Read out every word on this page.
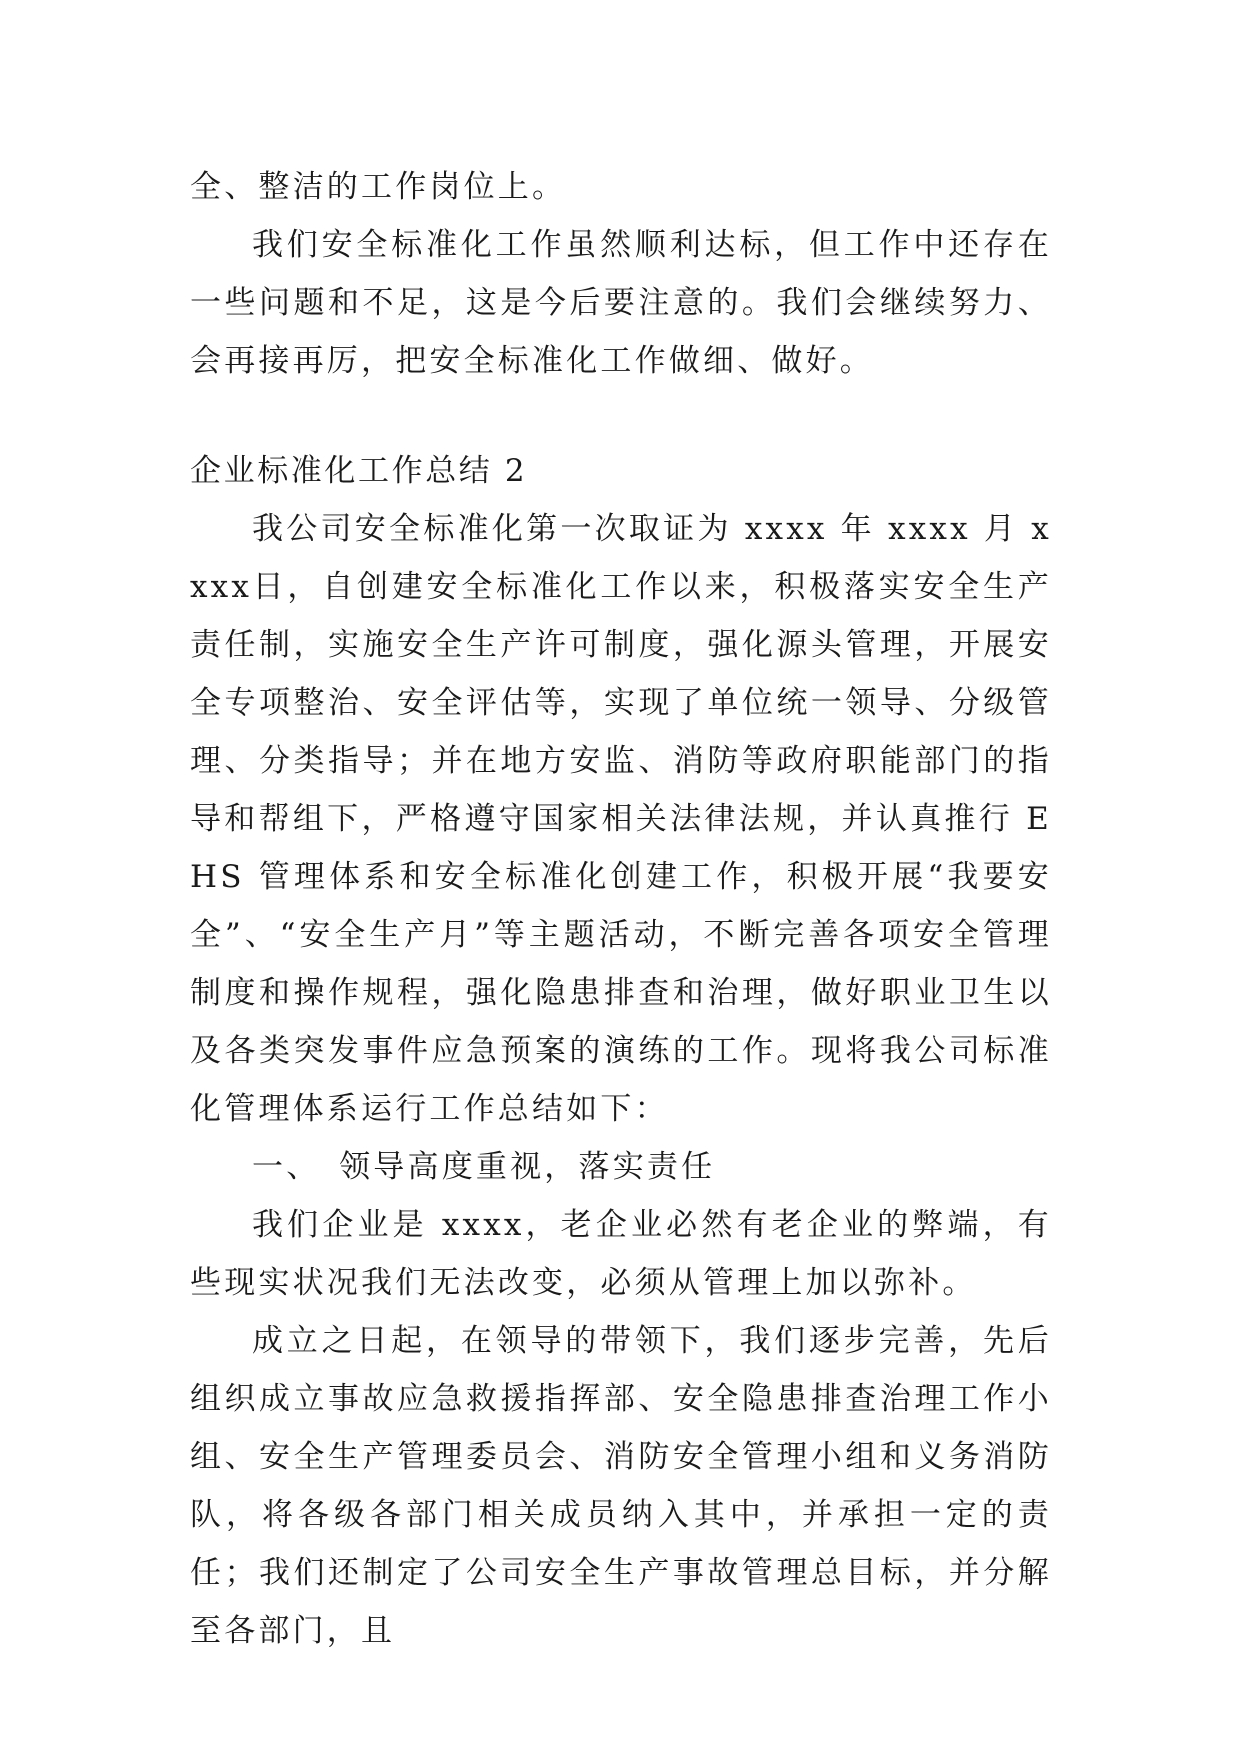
全、整洁的工作岗位上。

我们安全标准化工作虽然顺利达标，但工作中还存在一些问题和不足，这是今后要注意的。我们会继续努力、会再接再厉，把安全标准化工作做细、做好。

企业标准化工作总结 2

我公司安全标准化第一次取证为 xxxx 年 xxxx 月 xxxx日，自创建安全标准化工作以来，积极落实安全生产责任制，实施安全生产许可制度，强化源头管理，开展安全专项整治、安全评估等，实现了单位统一领导、分级管理、分类指导；并在地方安监、消防等政府职能部门的指导和帮组下，严格遵守国家相关法律法规，并认真推行 EHS 管理体系和安全标准化创建工作，积极开展“我要安全”、“安全生产月”等主题活动，不断完善各项安全管理制度和操作规程，强化隐患排查和治理，做好职业卫生以及各类突发事件应急预案的演练的工作。现将我公司标准化管理体系运行工作总结如下：

一、　领导高度重视，落实责任

我们企业是 xxxx，老企业必然有老企业的弊端，有些现实状况我们无法改变，必须从管理上加以弥补。

成立之日起，在领导的带领下，我们逐步完善，先后组织成立事故应急救援指挥部、安全隐患排查治理工作小组、安全生产管理委员会、消防安全管理小组和义务消防队，将各级各部门相关成员纳入其中，并承担一定的责任；我们还制定了公司安全生产事故管理总目标，并分解至各部门，且
